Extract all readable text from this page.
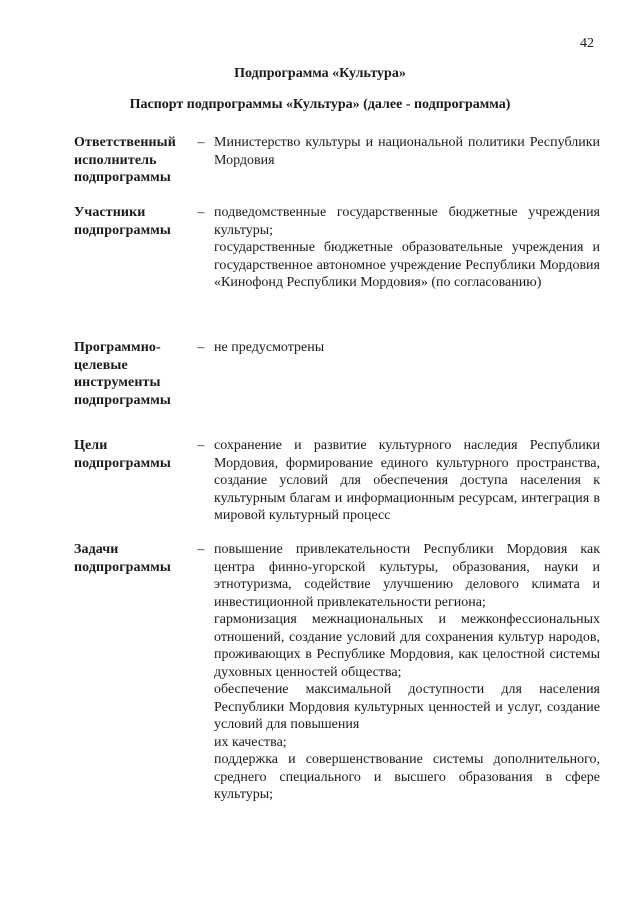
42
Подпрограмма «Культура»
Паспорт подпрограммы «Культура» (далее - подпрограмма)
Ответственный
исполнитель
подпрограммы
– Министерство культуры и национальной политики Республики Мордовия

Участники
подпрограммы
– подведомственные государственные бюджетные учреждения культуры;

государственные бюджетные образовательные учреждения и государственное автономное учреждение Республики Мордовия «Кинофонд Республики Мордовия» (по согласованию)

Программно-
целевые
инструменты
подпрограммы
– не предусмотрены

Цели
подпрограммы
– сохранение и развитие культурного наследия Республики Мордовия, формирование единого культурного пространства, создание условий для обеспечения доступа населения к культурным благам и информационным ресурсам, интеграция в мировой культурный процесс

Задачи
подпрограммы
– повышение привлекательности Республики Мордовия как центра финно-угорской культуры, образования, науки и этнотуризма, содействие улучшению делового климата и инвестиционной привлекательности региона;

гармонизация межнациональных и межконфессиональных отношений, создание условий для сохранения культур народов, проживающих в Республике Мордовия, как целостной системы духовных ценностей общества;

обеспечение максимальной доступности для населения Республики Мордовия культурных ценностей и услуг, создание условий для повышения

их качества;

поддержка и совершенствование системы дополнительного, среднего специального и высшего образования в сфере культуры;
